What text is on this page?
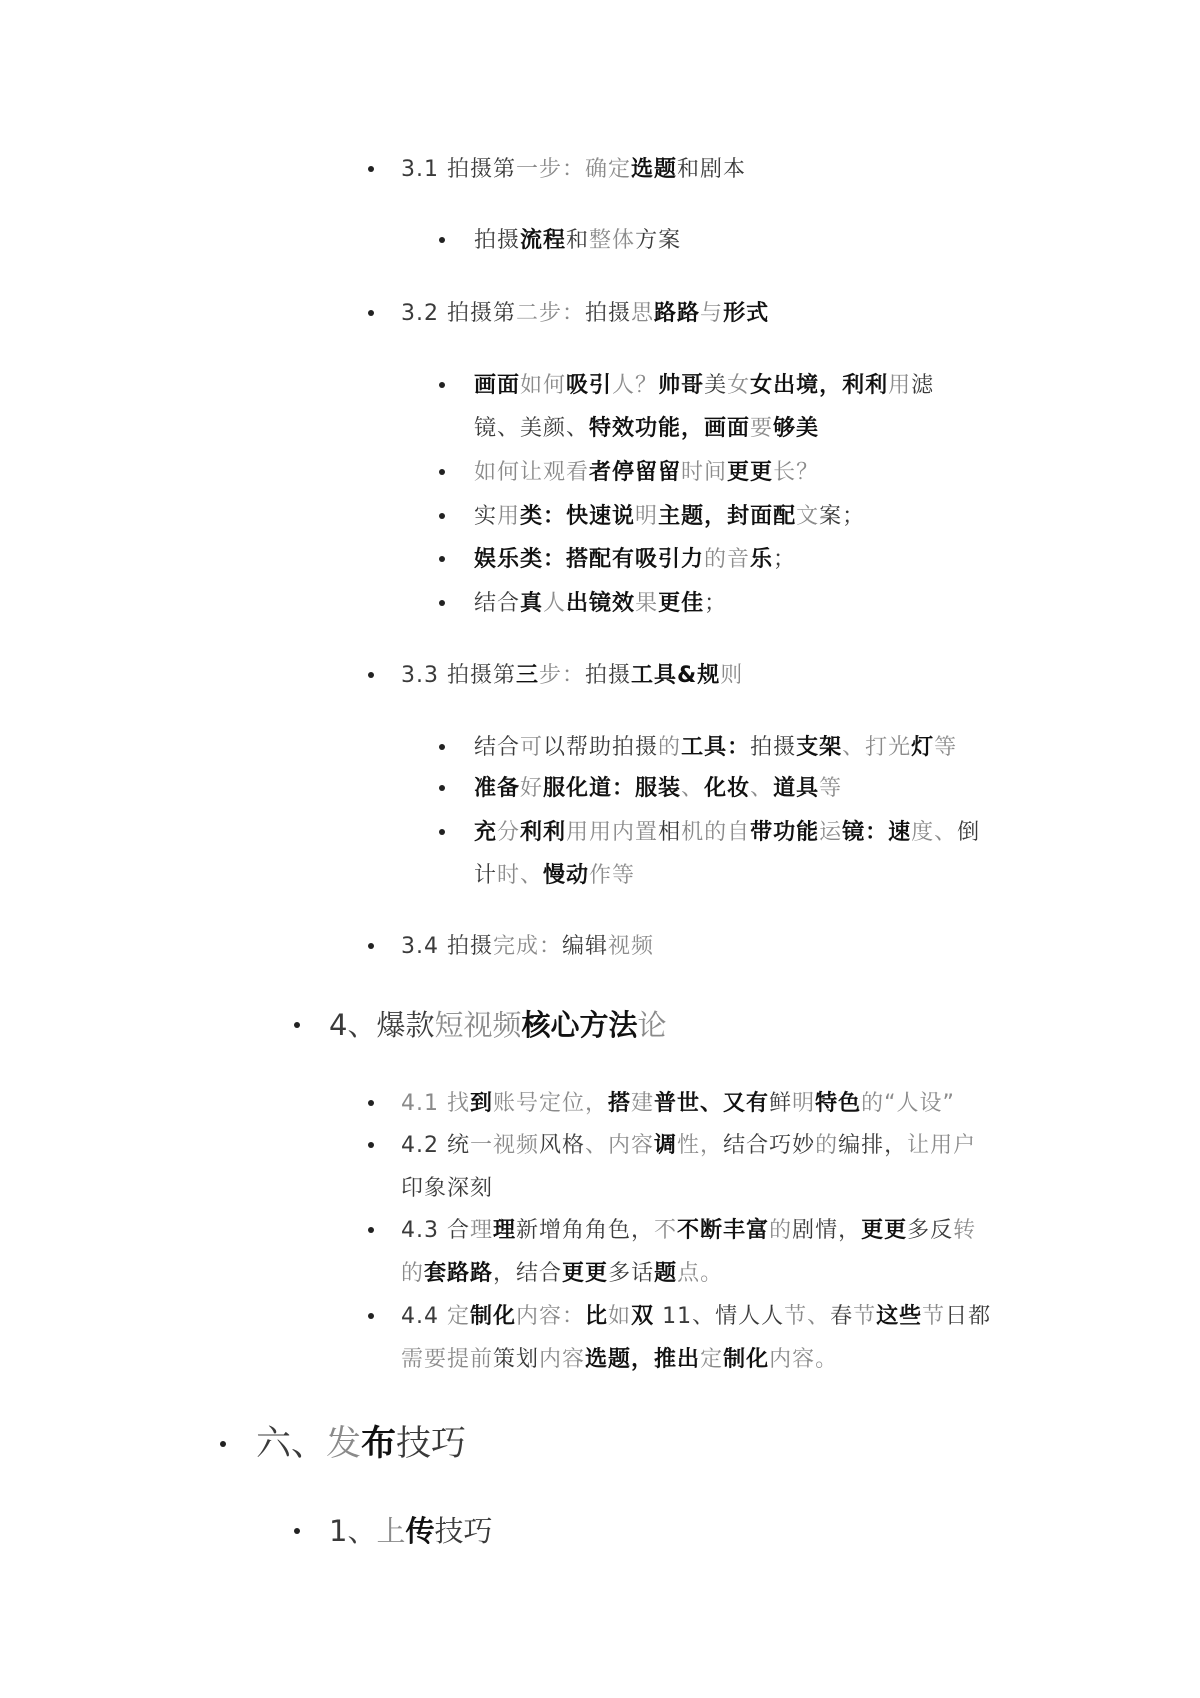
3.1 拍摄第一步：确定选题和剧本
拍摄流程和整体方案
3.2 拍摄第二步：拍摄思路路与形式
画面如何吸引人？帅哥美女女出境，利利用滤
镜、美颜、特效功能，画面要够美
如何让观看者停留留时间更更长？
实用类：快速说明主题，封面配文案；
娱乐类：搭配有吸引力的音乐；
结合真人出镜效果更佳；
3.3 拍摄第三步：拍摄工具&规则
结合可以帮助拍摄的工具：拍摄支架、打光灯等
准备好服化道：服装、化妆、道具等
充分利利用用内置相机的自带功能运镜：速度、倒
计时、慢动作等
3.4 拍摄完成：编辑视频
4、爆款短视频核心方法论
4.1 找到账号定位，搭建普世、又有鲜明特色的“人设”
4.2 统一视频风格、内容调性，结合巧妙的编排，让用户
印象深刻
4.3 合理理新增角角色，不不断丰富的剧情，更更多反转
的套路路，结合更更多话题点。
4.4 定制化内容：比如双 11、情人人节、春节这些节日都
需要提前策划内容选题，推出定制化内容。
六、发布技巧
1、上传技巧
